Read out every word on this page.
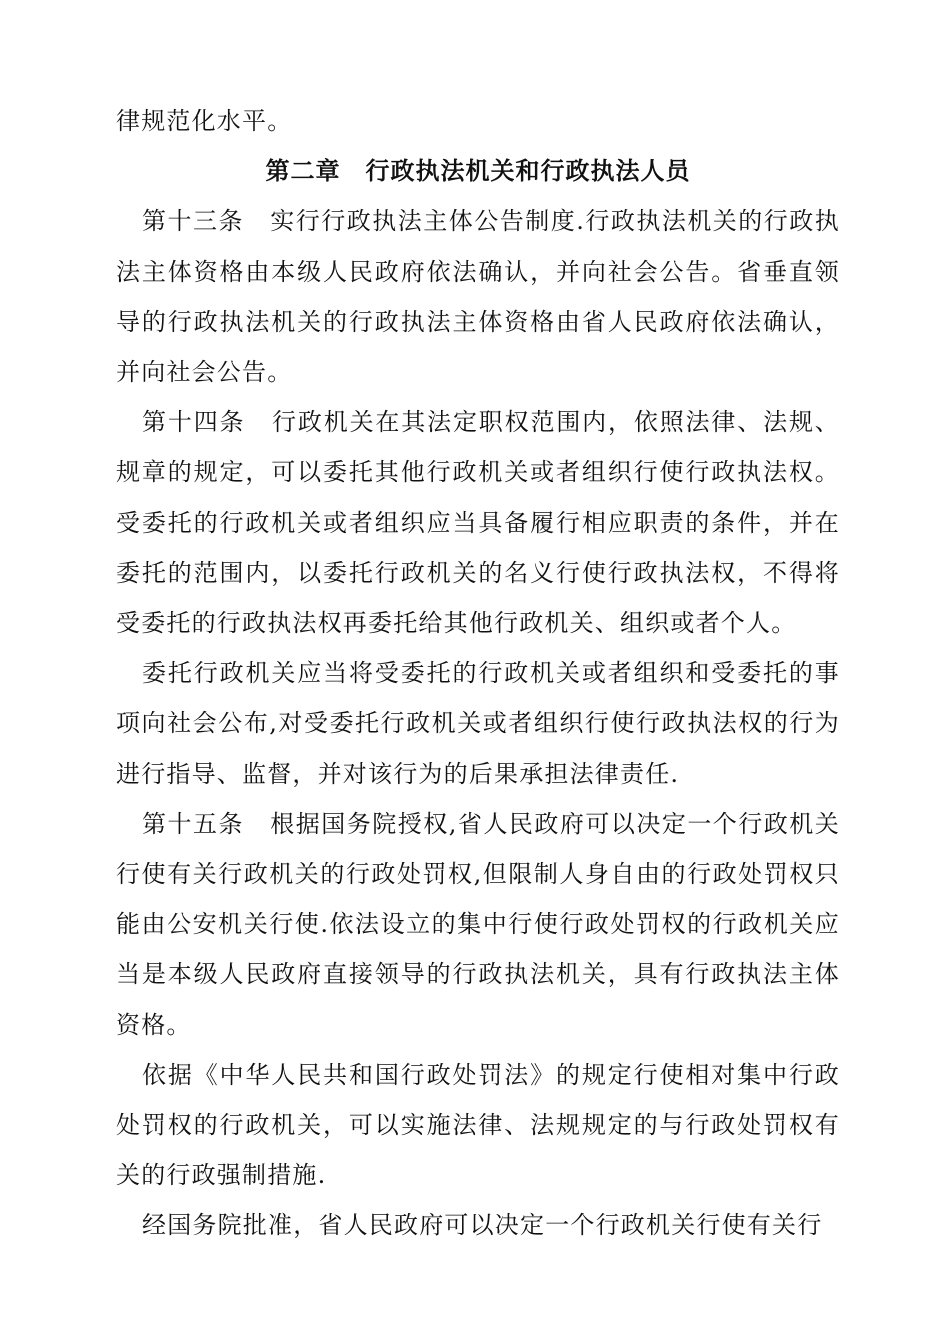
律规范化水平。

第二章　行政执法机关和行政执法人员

第十三条 实行行政执法主体公告制度.行政执法机关的行政执法主体资格由本级人民政府依法确认，并向社会公告。省垂直领导的行政执法机关的行政执法主体资格由省人民政府依法确认，并向社会公告。

第十四条 行政机关在其法定职权范围内，依照法律、法规、规章的规定，可以委托其他行政机关或者组织行使行政执法权。受委托的行政机关或者组织应当具备履行相应职责的条件，并在委托的范围内，以委托行政机关的名义行使行政执法权，不得将受委托的行政执法权再委托给其他行政机关、组织或者个人。

委托行政机关应当将受委托的行政机关或者组织和受委托的事项向社会公布,对受委托行政机关或者组织行使行政执法权的行为进行指导、监督，并对该行为的后果承担法律责任.

第十五条 根据国务院授权,省人民政府可以决定一个行政机关行使有关行政机关的行政处罚权,但限制人身自由的行政处罚权只能由公安机关行使.依法设立的集中行使行政处罚权的行政机关应当是本级人民政府直接领导的行政执法机关，具有行政执法主体资格。

依据《中华人民共和国行政处罚法》的规定行使相对集中行政处罚权的行政机关，可以实施法律、法规规定的与行政处罚权有关的行政强制措施.

经国务院批准，省人民政府可以决定一个行政机关行使有关行
